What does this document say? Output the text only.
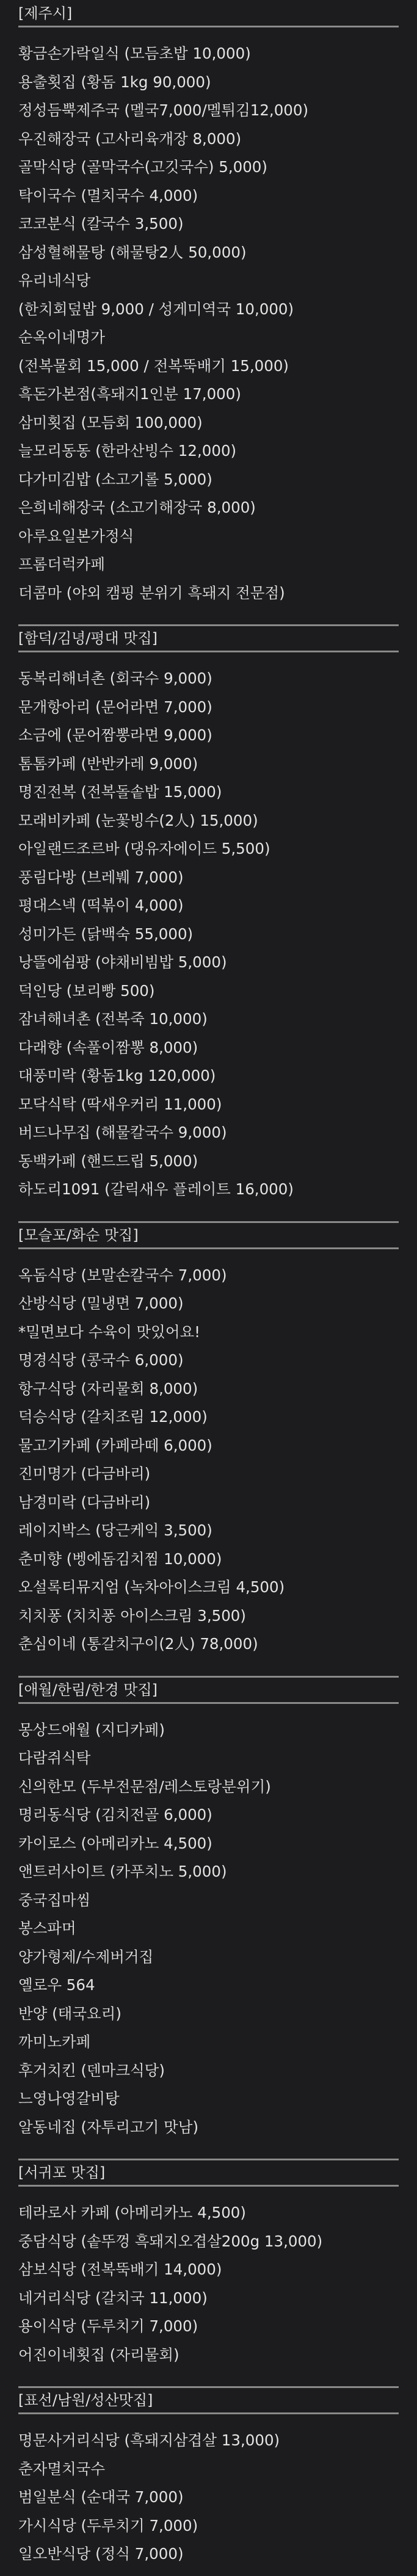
[제주시]
황금손가락일식 (모듬초밥 10,000)
용출횟집 (황돔 1kg 90,000)
정성듬뿍제주국 (멜국7,000/멜튀김12,000)
우진해장국 (고사리육개장 8,000)
골막식당 (골막국수(고깃국수) 5,000)
탁이국수 (멸치국수 4,000)
코코분식 (칼국수 3,500)
삼성혈해물탕 (해물탕2人 50,000)
유리네식당
(한치회덮밥 9,000 / 성게미역국 10,000)
순옥이네명가
(전복물회 15,000 / 전복뚝배기 15,000)
흑돈가본점(흑돼지1인분 17,000)
삼미횟집 (모듬회 100,000)
늘모리동동 (한라산빙수 12,000)
다가미김밥 (소고기롤 5,000)
은희네해장국 (소고기해장국 8,000)
아루요일본가정식
프롬더럭카페
더콤마 (야외 캠핑 분위기 흑돼지 전문점)
[함덕/김녕/평대 맛집]
동복리해녀촌 (회국수 9,000)
문개항아리 (문어라면 7,000)
소금에 (문어짬뽕라면 9,000)
톰톰카페 (반반카레 9,000)
명진전복 (전복돌솥밥 15,000)
모래비카페 (눈꽃빙수(2人) 15,000)
아일랜드조르바 (댕유자에이드 5,500)
풍림다방 (브레붸 7,000)
평대스넥 (떡볶이 4,000)
성미가든 (닭백숙 55,000)
낭뜰에쉼팡 (야채비빔밥 5,000)
덕인당 (보리빵 500)
잠녀해녀촌 (전복죽 10,000)
다래향 (속풀이짬뽕 8,000)
대풍미락 (황돔1kg 120,000)
모닥식탁 (딱새우커리 11,000)
버드나무집 (해물칼국수 9,000)
동백카페 (핸드드립 5,000)
하도리1091 (갈릭새우 플레이트 16,000)
[모슬포/화순 맛집]
옥돔식당 (보말손칼국수 7,000)
산방식당 (밀냉면 7,000)
*밀면보다 수육이 맛있어요!
명경식당 (콩국수 6,000)
항구식당 (자리물회 8,000)
덕승식당 (갈치조림 12,000)
물고기카페 (카페라떼 6,000)
진미명가 (다금바리)
남경미락 (다금바리)
레이지박스 (당근케익 3,500)
춘미향 (벵에돔김치찜 10,000)
오설록티뮤지엄 (녹차아이스크림 4,500)
치치퐁 (치치퐁 아이스크림 3,500)
춘심이네 (통갈치구이(2人) 78,000)
[애월/한림/한경 맛집]
몽상드애월 (지디카페)
다람쥐식탁
신의한모 (두부전문점/레스토랑분위기)
명리동식당 (김치전골 6,000)
카이로스 (아메리카노 4,500)
앤트러사이트 (카푸치노 5,000)
중국집마씸
봉스파머
양가형제/수제버거집
옐로우 564
반양 (태국요리)
까미노카페
후거치킨 (덴마크식당)
느영나영갈비탕
알동네집 (자투리고기 맛남)
[서귀포 맛집]
테라로사 카페 (아메리카노 4,500)
중담식당 (솥뚜껑 흑돼지오겹살200g 13,000)
삼보식당 (전복뚝배기 14,000)
네거리식당 (갈치국 11,000)
용이식당 (두루치기 7,000)
어진이네횟집 (자리물회)
[표선/남원/성산맛집]
명문사거리식당 (흑돼지삼겹살 13,000)
춘자멸치국수
범일분식 (순대국 7,000)
가시식당 (두루치기 7,000)
일오반식당 (정식 7,000)
